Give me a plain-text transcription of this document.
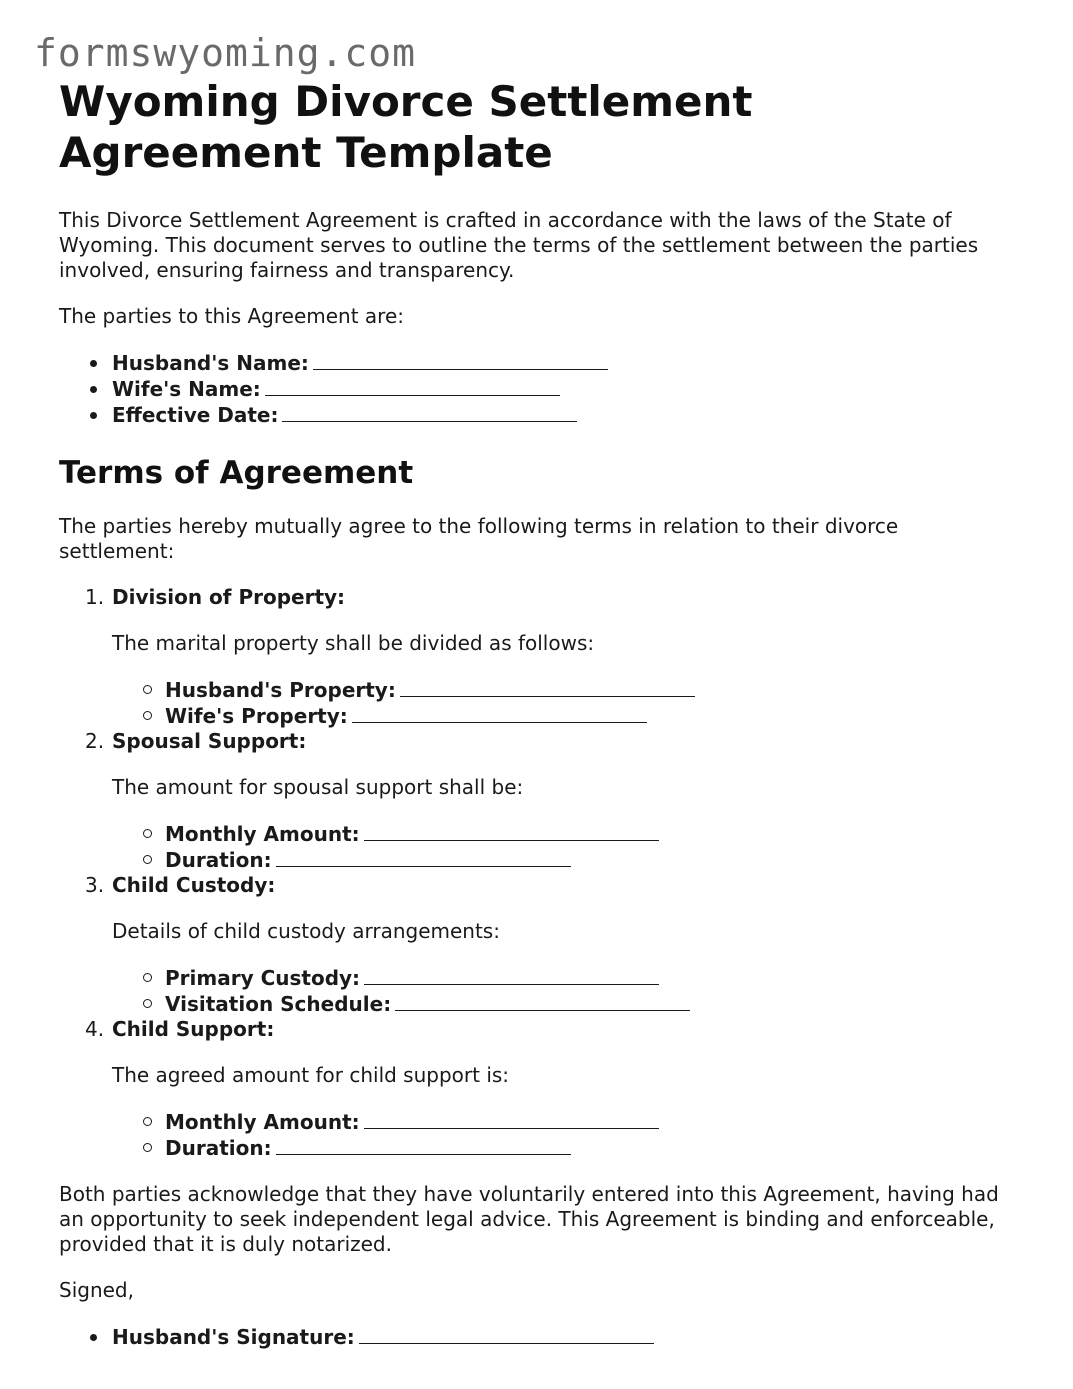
formswyoming.com
Wyoming Divorce Settlement Agreement Template

This Divorce Settlement Agreement is crafted in accordance with the laws of the State of Wyoming. This document serves to outline the terms of the settlement between the parties involved, ensuring fairness and transparency.

The parties to this Agreement are:

Husband's Name:
Wife's Name:
Effective Date:
Terms of Agreement

The parties hereby mutually agree to the following terms in relation to their divorce settlement:

1. Division of Property:

The marital property shall be divided as follows:

Husband's Property:
Wife's Property:
2. Spousal Support:

The amount for spousal support shall be:

Monthly Amount:
Duration:
3. Child Custody:

Details of child custody arrangements:

Primary Custody:
Visitation Schedule:
4. Child Support:

The agreed amount for child support is:

Monthly Amount:
Duration:

Both parties acknowledge that they have voluntarily entered into this Agreement, having had an opportunity to seek independent legal advice. This Agreement is binding and enforceable, provided that it is duly notarized.

Signed,

Husband's Signature:
